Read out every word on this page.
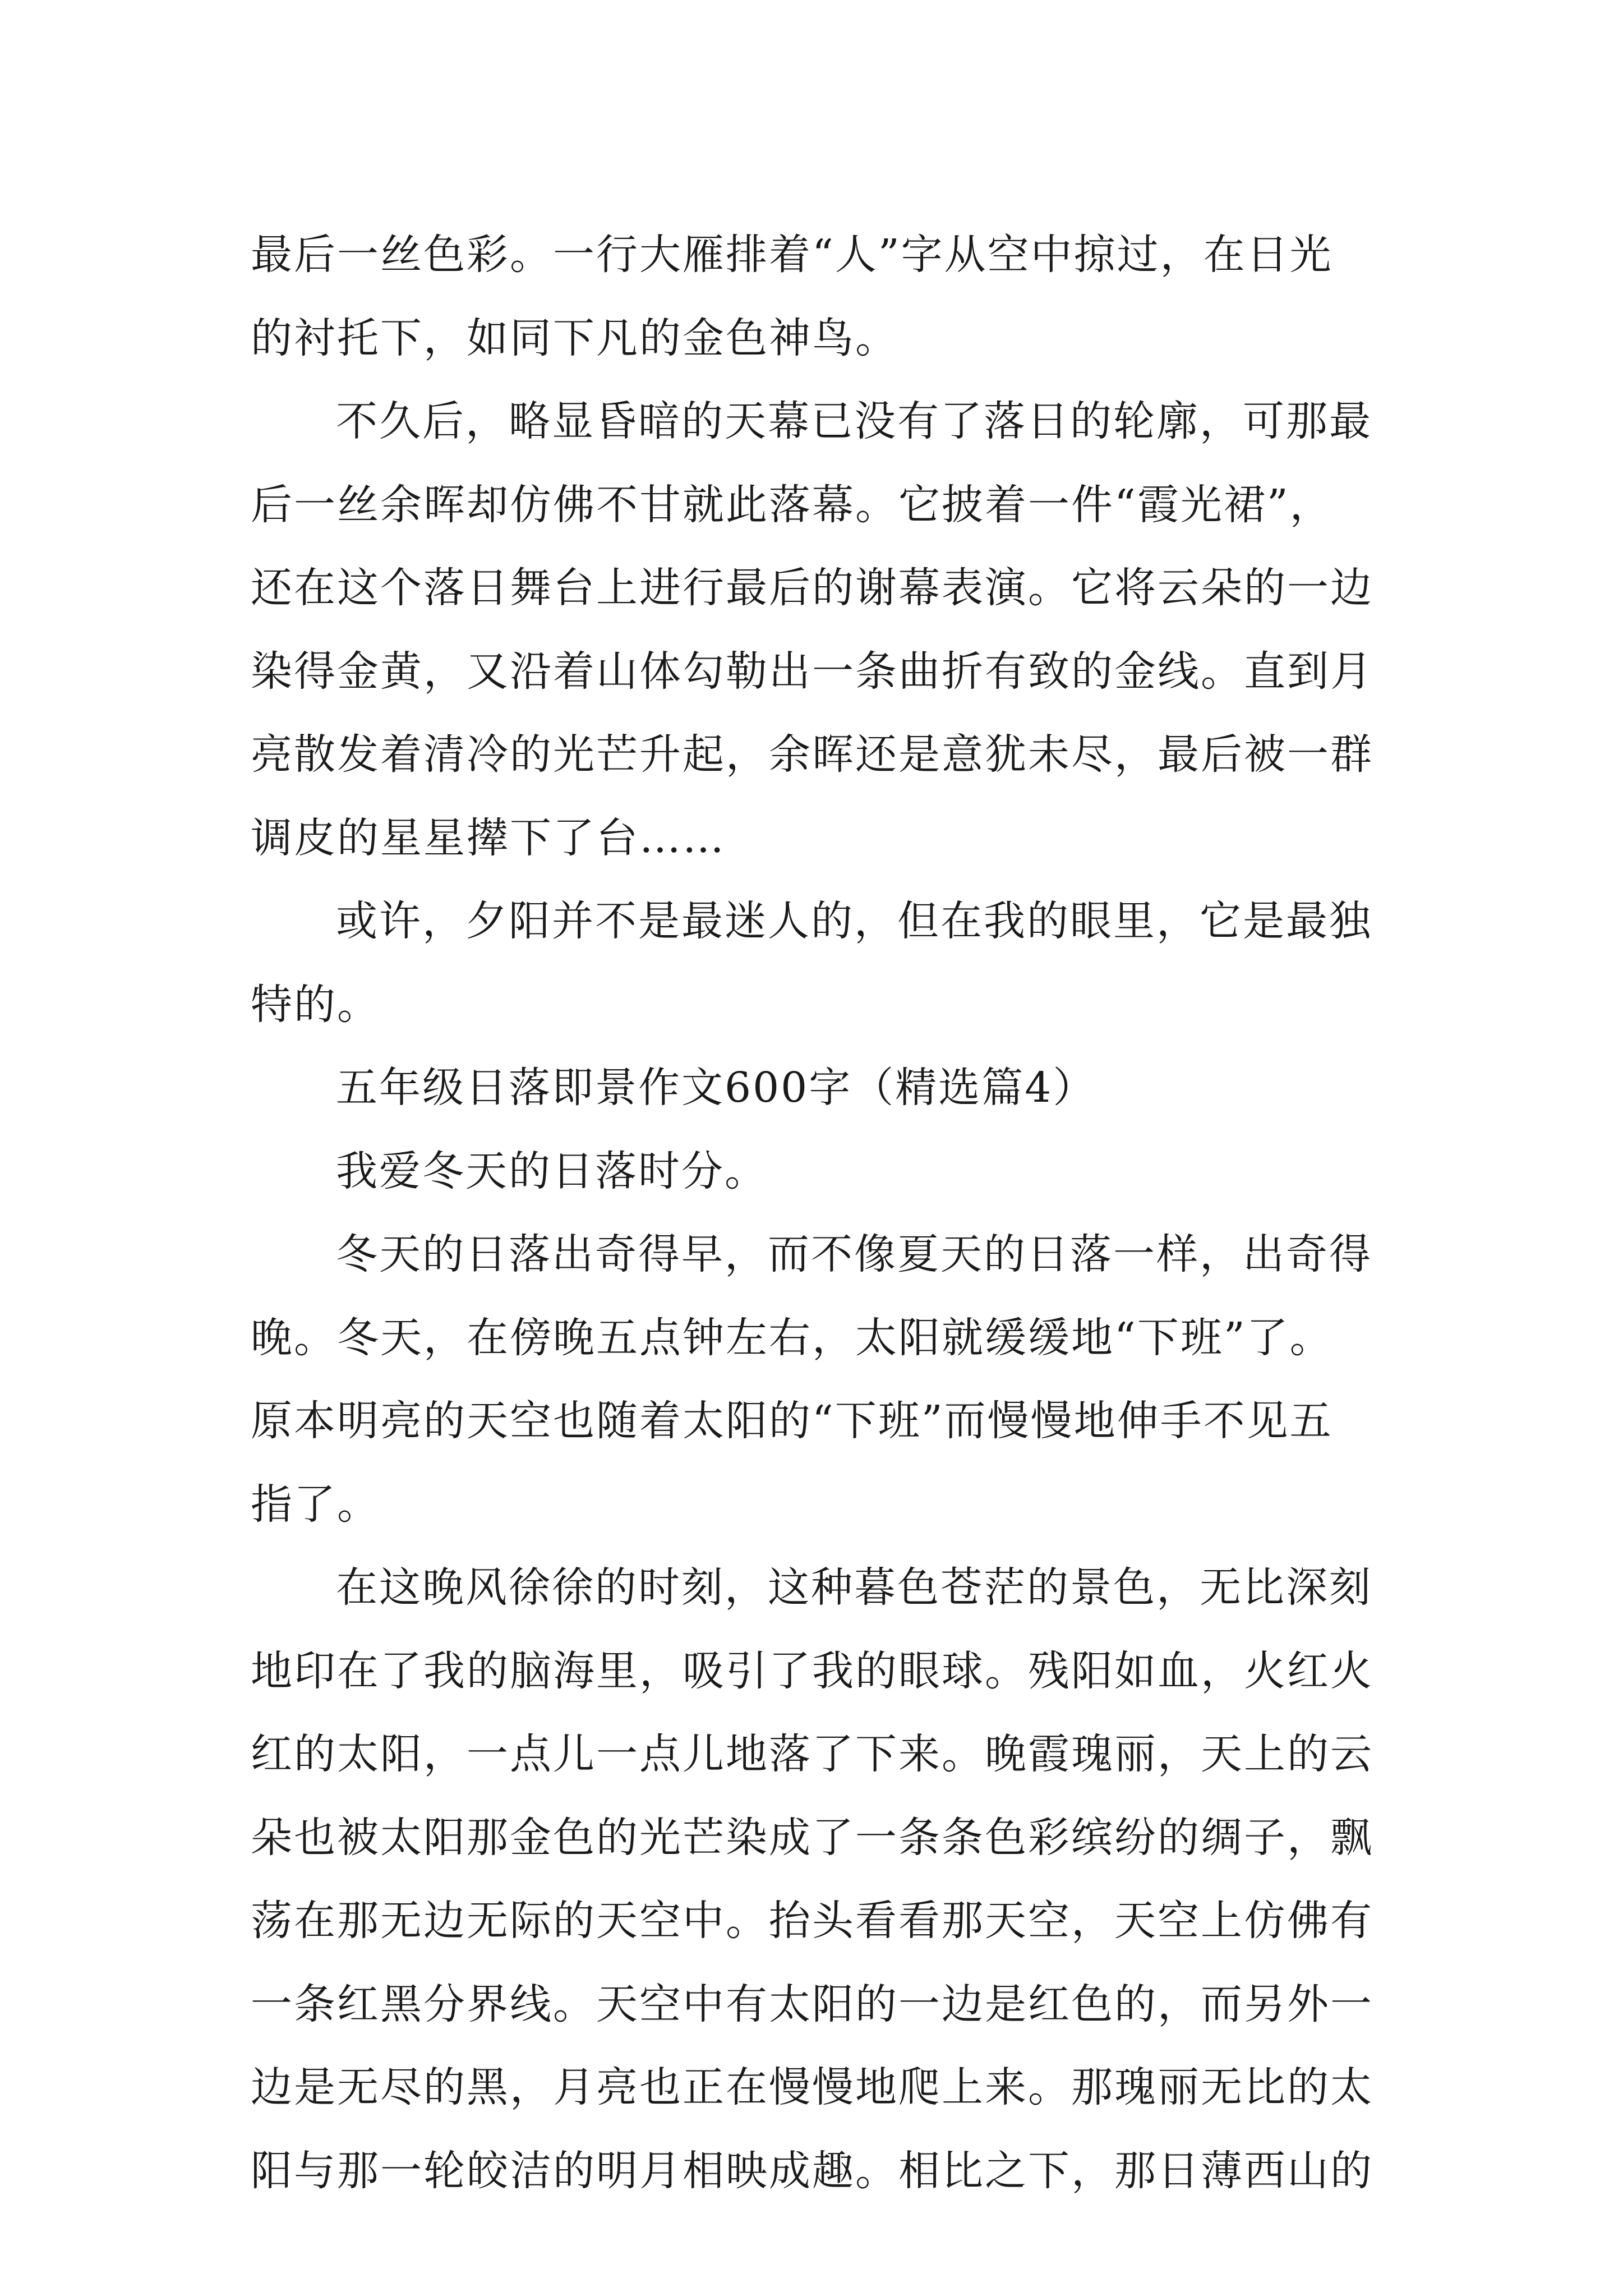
最后一丝色彩。一行大雁排着“人”字从空中掠过，在日光
的衬托下，如同下凡的金色神鸟。
不久后，略显昏暗的天幕已没有了落日的轮廓，可那最
后一丝余晖却仿佛不甘就此落幕。它披着一件“霞光裙”，
还在这个落日舞台上进行最后的谢幕表演。它将云朵的一边
染得金黄，又沿着山体勾勒出一条曲折有致的金线。直到月
亮散发着清冷的光芒升起，余晖还是意犹未尽，最后被一群
调皮的星星撵下了台……
或许，夕阳并不是最迷人的，但在我的眼里，它是最独
特的。
五年级日落即景作文600字（精选篇4）
我爱冬天的日落时分。
冬天的日落出奇得早，而不像夏天的日落一样，出奇得
晚。冬天，在傍晚五点钟左右，太阳就缓缓地“下班”了。
原本明亮的天空也随着太阳的“下班”而慢慢地伸手不见五
指了。
在这晚风徐徐的时刻，这种暮色苍茫的景色，无比深刻
地印在了我的脑海里，吸引了我的眼球。残阳如血，火红火
红的太阳，一点儿一点儿地落了下来。晚霞瑰丽，天上的云
朵也被太阳那金色的光芒染成了一条条色彩缤纷的绸子，飘
荡在那无边无际的天空中。抬头看看那天空，天空上仿佛有
一条红黑分界线。天空中有太阳的一边是红色的，而另外一
边是无尽的黑，月亮也正在慢慢地爬上来。那瑰丽无比的太
阳与那一轮皎洁的明月相映成趣。相比之下，那日薄西山的
